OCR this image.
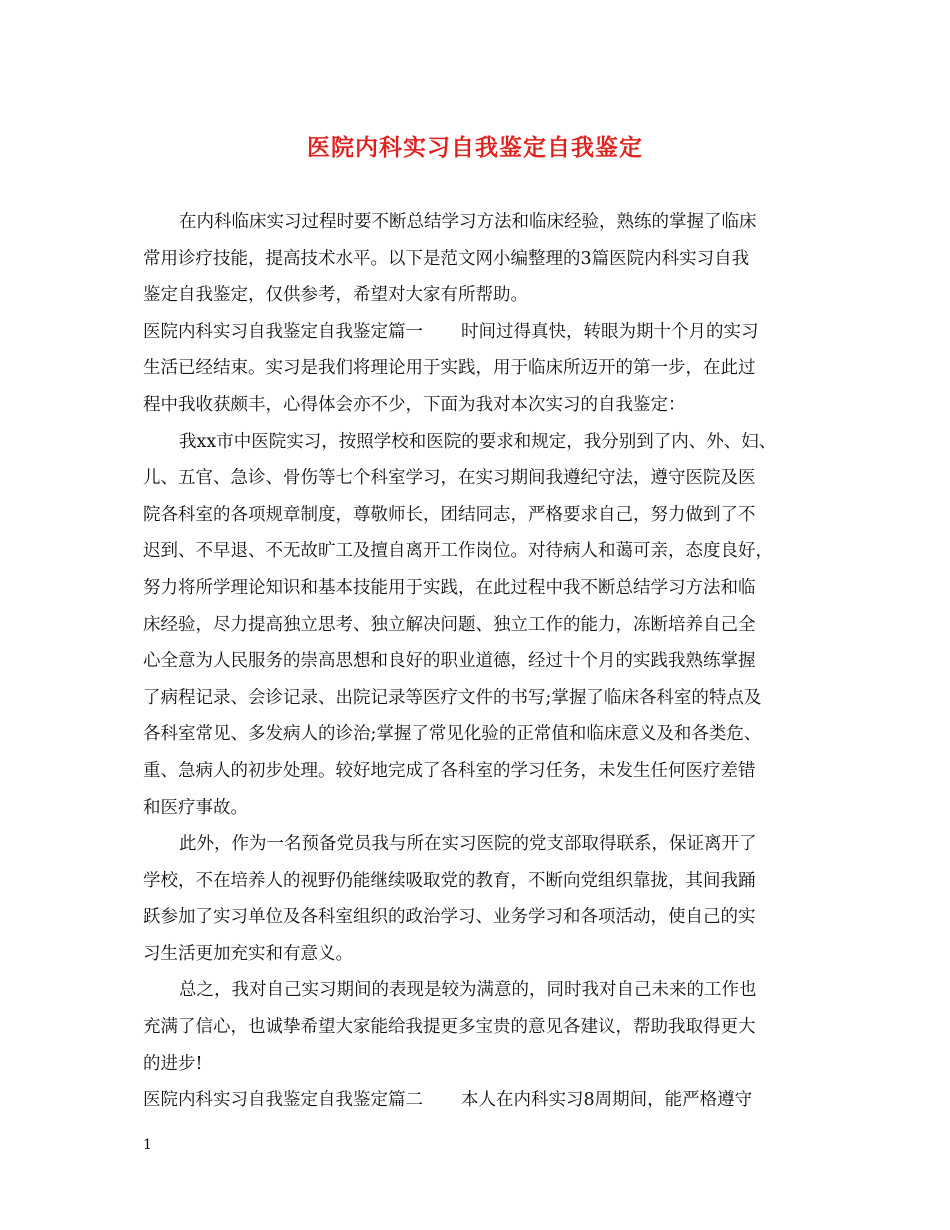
医院内科实习自我鉴定自我鉴定
在内科临床实习过程时要不断总结学习方法和临床经验，熟练的掌握了临床
常用诊疗技能，提高技术水平。以下是范文网小编整理的3篇医院内科实习自我
鉴定自我鉴定，仅供参考，希望对大家有所帮助。
医院内科实习自我鉴定自我鉴定篇一 时间过得真快，转眼为期十个月的实习
生活已经结束。实习是我们将理论用于实践，用于临床所迈开的第一步，在此过
程中我收获颇丰，心得体会亦不少，下面为我对本次实习的自我鉴定：
我xx市中医院实习，按照学校和医院的要求和规定，我分别到了内、外、妇、
儿、五官、急诊、骨伤等七个科室学习，在实习期间我遵纪守法，遵守医院及医
院各科室的各项规章制度，尊敬师长，团结同志，严格要求自己，努力做到了不
迟到、不早退、不无故旷工及擅自离开工作岗位。对待病人和蔼可亲，态度良好，
努力将所学理论知识和基本技能用于实践，在此过程中我不断总结学习方法和临
床经验，尽力提高独立思考、独立解决问题、独立工作的能力，冻断培养自己全
心全意为人民服务的崇高思想和良好的职业道德，经过十个月的实践我熟练掌握
了病程记录、会诊记录、出院记录等医疗文件的书写;掌握了临床各科室的特点及
各科室常见、多发病人的诊治;掌握了常见化验的正常值和临床意义及和各类危、
重、急病人的初步处理。较好地完成了各科室的学习任务，未发生任何医疗差错
和医疗事故。
此外，作为一名预备党员我与所在实习医院的党支部取得联系，保证离开了
学校，不在培养人的视野仍能继续吸取党的教育，不断向党组织靠拢，其间我踊
跃参加了实习单位及各科室组织的政治学习、业务学习和各项活动，使自己的实
习生活更加充实和有意义。
总之，我对自己实习期间的表现是较为满意的，同时我对自己未来的工作也
充满了信心，也诚挚希望大家能给我提更多宝贵的意见各建议，帮助我取得更大
的进步!
医院内科实习自我鉴定自我鉴定篇二 本人在内科实习8周期间，能严格遵守
1
